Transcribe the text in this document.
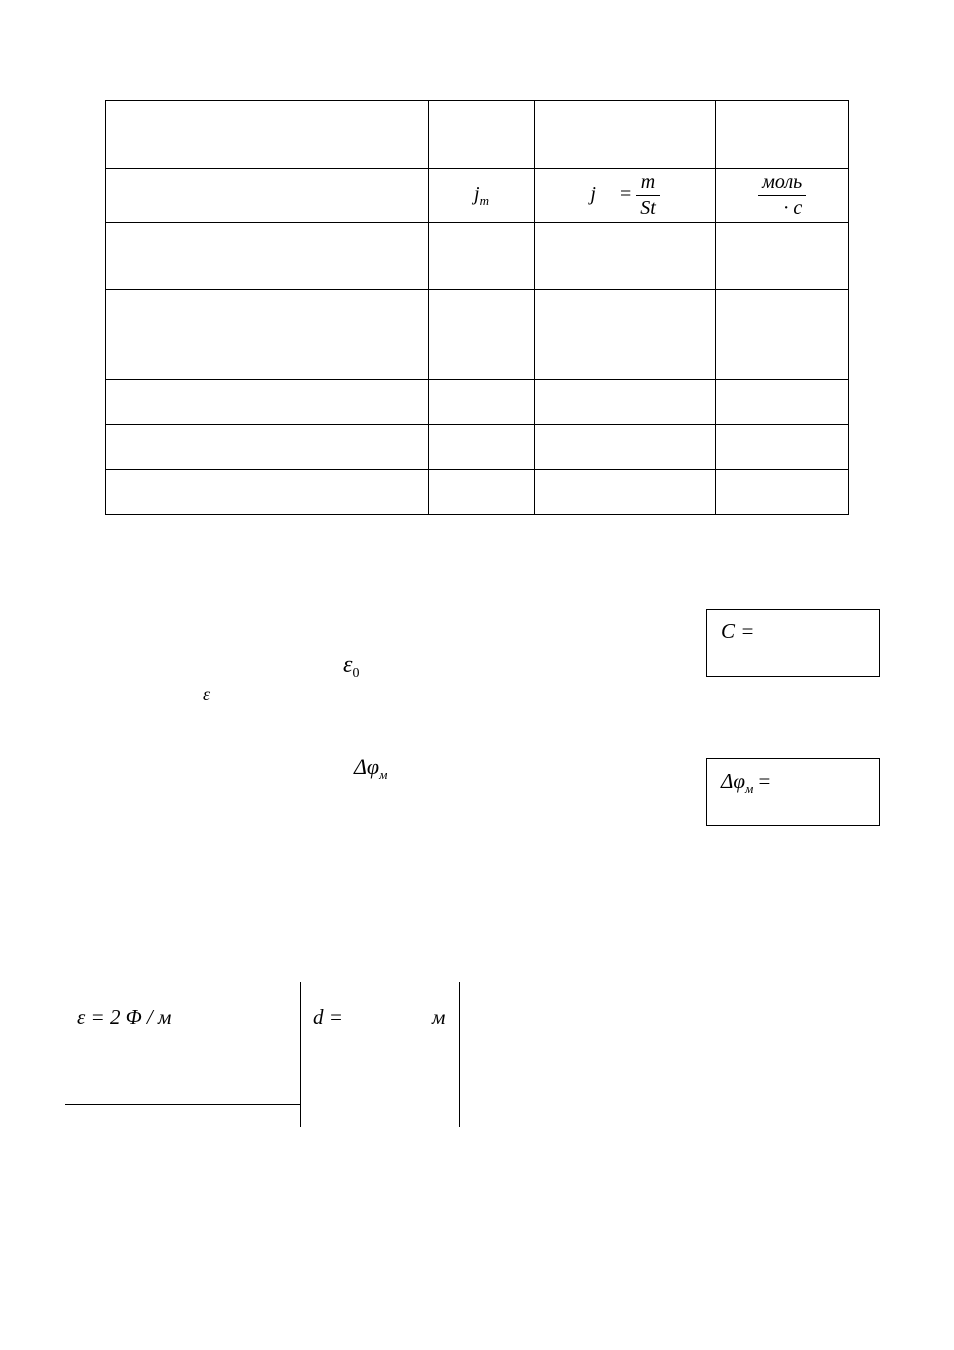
	$j_m$	$j = \frac{m}{St}$	$\frac{\text{моль}}{\cdot с}$

$\varepsilon_0$
ε
$\Delta\varphi_м$
C =
$\Delta\varphi_м$ =
ε = 2 Φ / м	d =	м
